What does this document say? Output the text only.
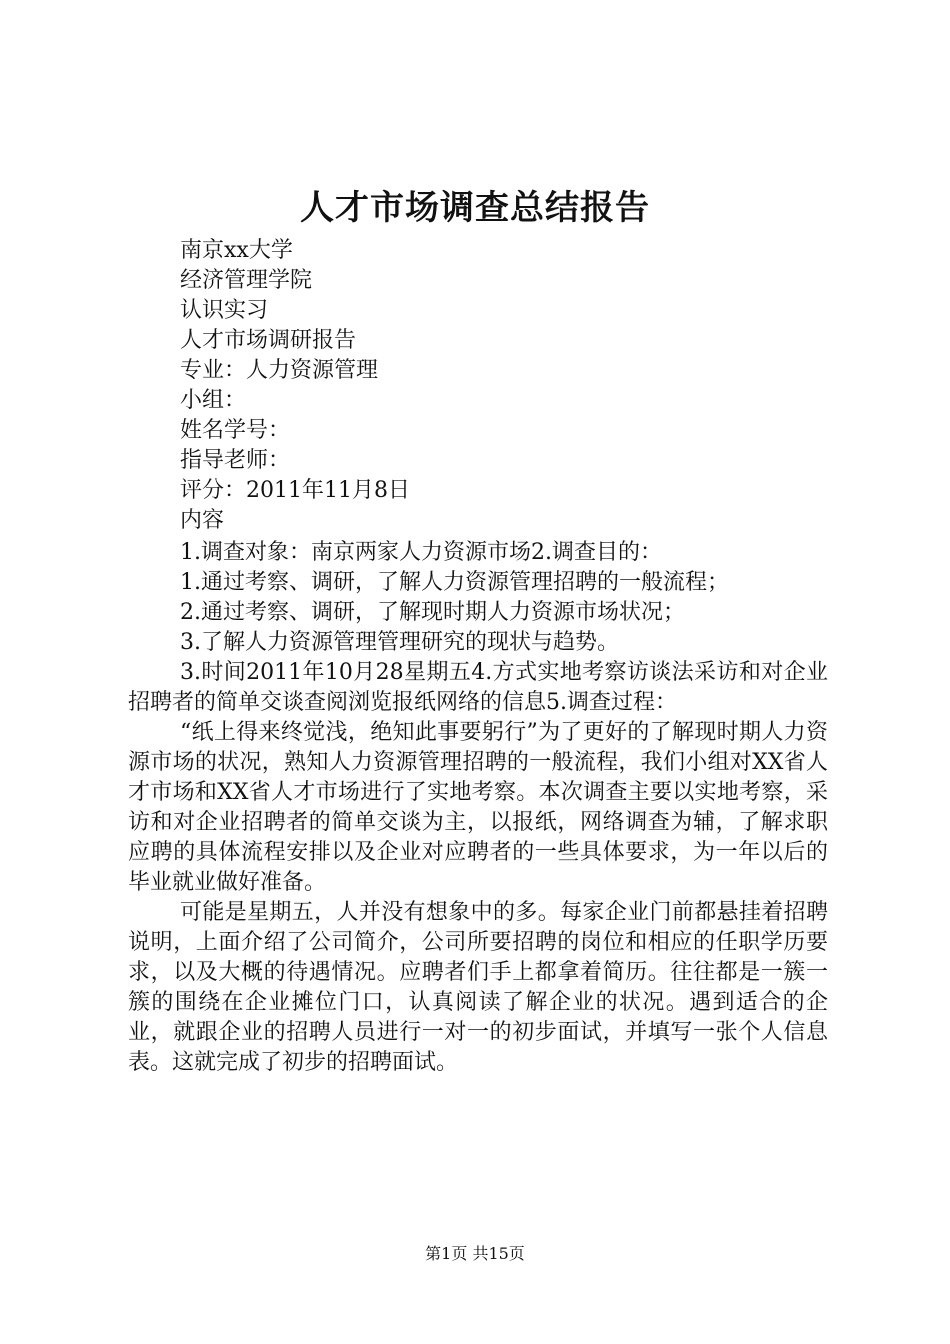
人才市场调查总结报告
南京xx大学
经济管理学院
认识实习
人才市场调研报告
专业：人力资源管理
小组：
姓名学号：
指导老师：
评分：2011年11月8日
内容
1.调查对象：南京两家人力资源市场2.调查目的：
1.通过考察、调研，了解人力资源管理招聘的一般流程；
2.通过考察、调研，了解现时期人力资源市场状况；
3.了解人力资源管理管理研究的现状与趋势。

3.时间2011年10月28星期五4.方式实地考察访谈法采访和对企业招聘者的简单交谈查阅浏览报纸网络的信息5.调查过程：

“纸上得来终觉浅，绝知此事要躬行”为了更好的了解现时期人力资源市场的状况，熟知人力资源管理招聘的一般流程，我们小组对XX省人才市场和XX省人才市场进行了实地考察。本次调查主要以实地考察，采访和对企业招聘者的简单交谈为主，以报纸，网络调查为辅，了解求职应聘的具体流程安排以及企业对应聘者的一些具体要求，为一年以后的毕业就业做好准备。

可能是星期五，人并没有想象中的多。每家企业门前都悬挂着招聘说明，上面介绍了公司简介，公司所要招聘的岗位和相应的任职学历要求，以及大概的待遇情况。应聘者们手上都拿着简历。往往都是一簇一簇的围绕在企业摊位门口，认真阅读了解企业的状况。遇到适合的企业，就跟企业的招聘人员进行一对一的初步面试，并填写一张个人信息表。这就完成了初步的招聘面试。

第1页 共15页
